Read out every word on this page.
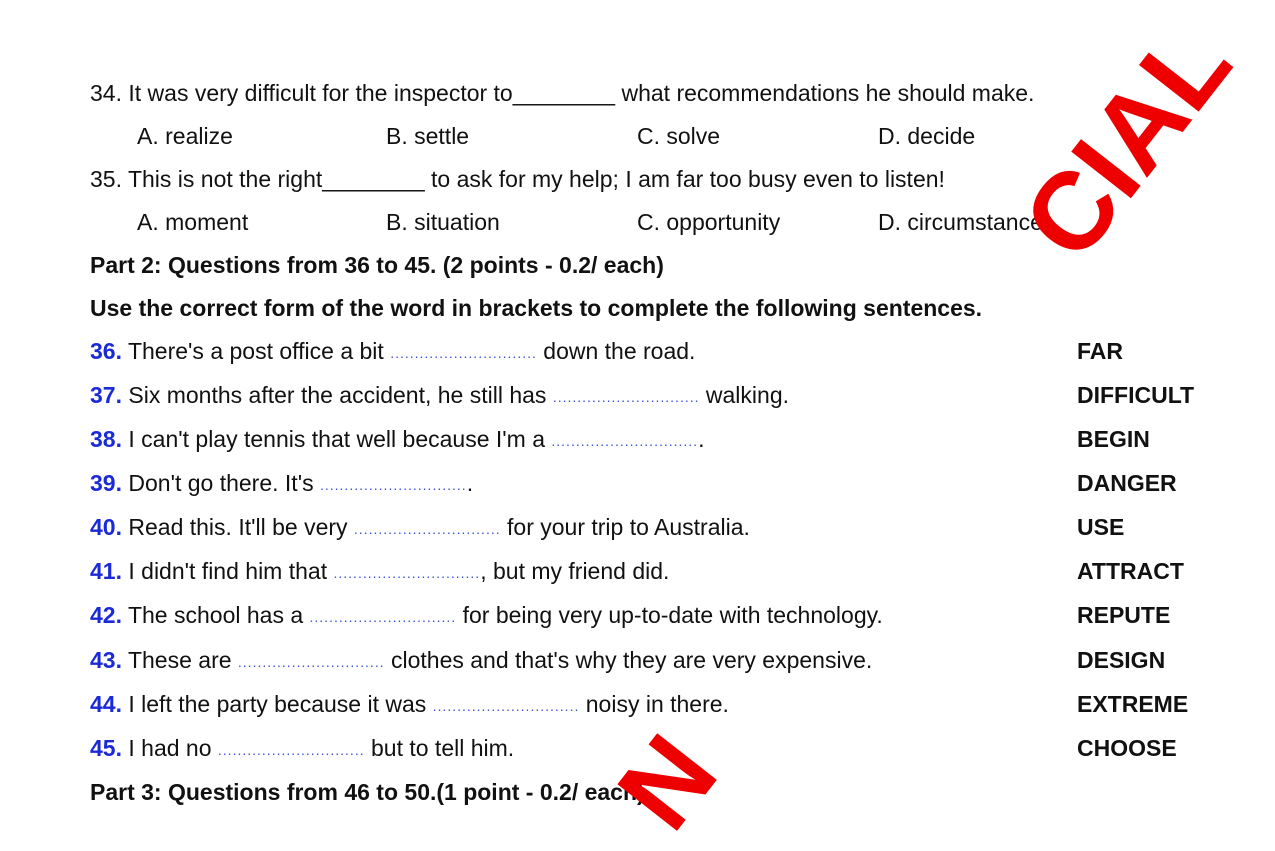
34. It was very difficult for the inspector to________ what recommendations he should make.
A. realize	B. settle	C. solve	D. decide
35. This is not the right________ to ask for my help; I am far too busy even to listen!
A. moment	B. situation	C. opportunity	D. circumstance
Part 2: Questions from 36 to 45. (2 points - 0.2/ each)
Use the correct form of the word in brackets to complete the following sentences.
36. There's a post office a bit .............................. down the road.	FAR
37. Six months after the accident, he still has .............................. walking.	DIFFICULT
38. I can't play tennis that well because I'm a ...............................	BEGIN
39. Don't go there. It's ...............................	DANGER
40. Read this. It'll be very .............................. for your trip to Australia.	USE
41. I didn't find him that .............................., but my friend did.	ATTRACT
42. The school has a .............................. for being very up-to-date with technology.	REPUTE
43. These are .............................. clothes and that's why they are very expensive.	DESIGN
44. I left the party because it was .............................. noisy in there.	EXTREME
45. I had no .............................. but to tell him.	CHOOSE
Part 3: Questions from 46 to 50.(1 point - 0.2/ each)
CIAL
N
